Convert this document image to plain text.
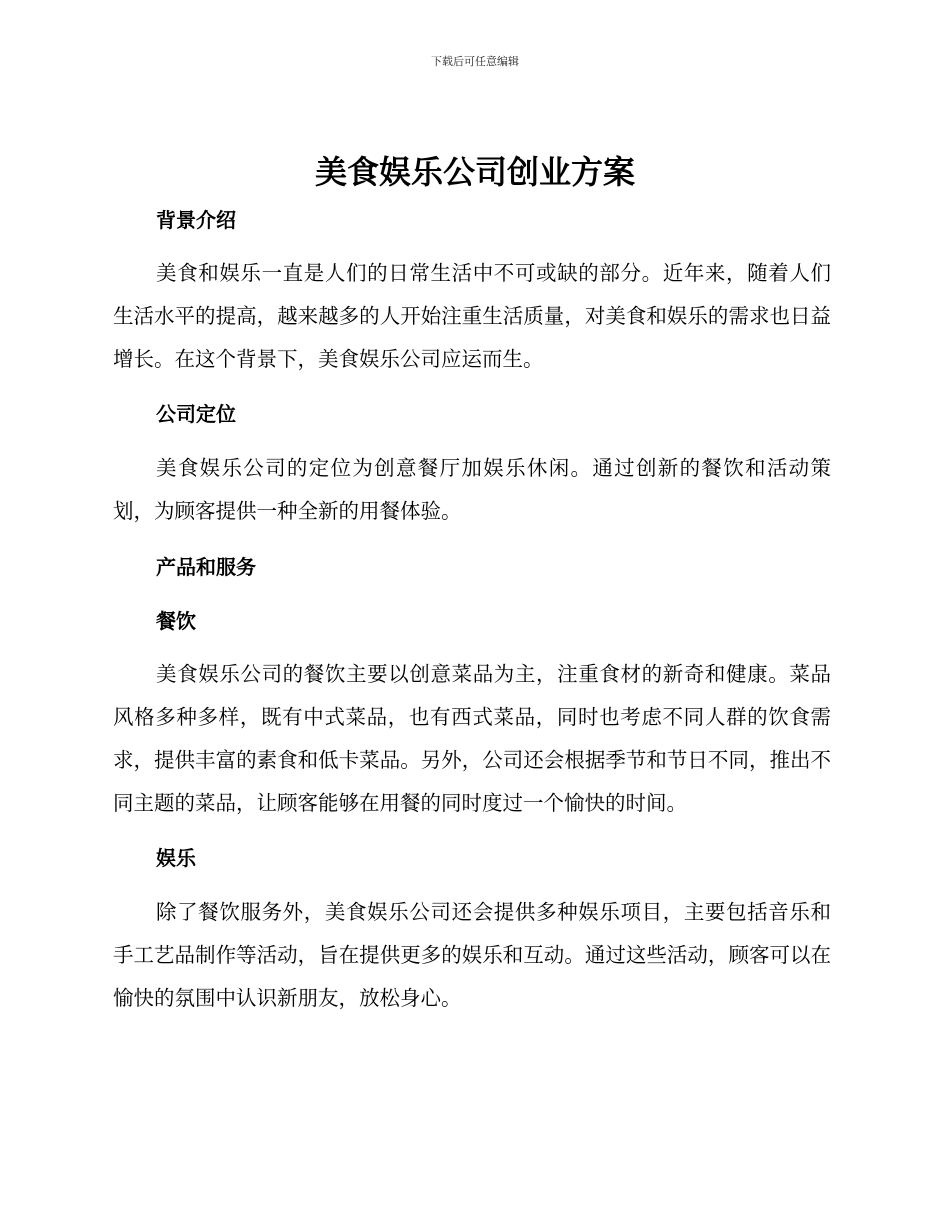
下载后可任意编辑
美食娱乐公司创业方案
背景介绍

美食和娱乐一直是人们的日常生活中不可或缺的部分。近年来，随着人们生活水平的提高，越来越多的人开始注重生活质量，对美食和娱乐的需求也日益增长。在这个背景下，美食娱乐公司应运而生。

公司定位

美食娱乐公司的定位为创意餐厅加娱乐休闲。通过创新的餐饮和活动策划，为顾客提供一种全新的用餐体验。

产品和服务
餐饮

美食娱乐公司的餐饮主要以创意菜品为主，注重食材的新奇和健康。菜品风格多种多样，既有中式菜品，也有西式菜品，同时也考虑不同人群的饮食需求，提供丰富的素食和低卡菜品。另外，公司还会根据季节和节日不同，推出不同主题的菜品，让顾客能够在用餐的同时度过一个愉快的时间。

娱乐

除了餐饮服务外，美食娱乐公司还会提供多种娱乐项目，主要包括音乐和手工艺品制作等活动，旨在提供更多的娱乐和互动。通过这些活动，顾客可以在愉快的氛围中认识新朋友，放松身心。
